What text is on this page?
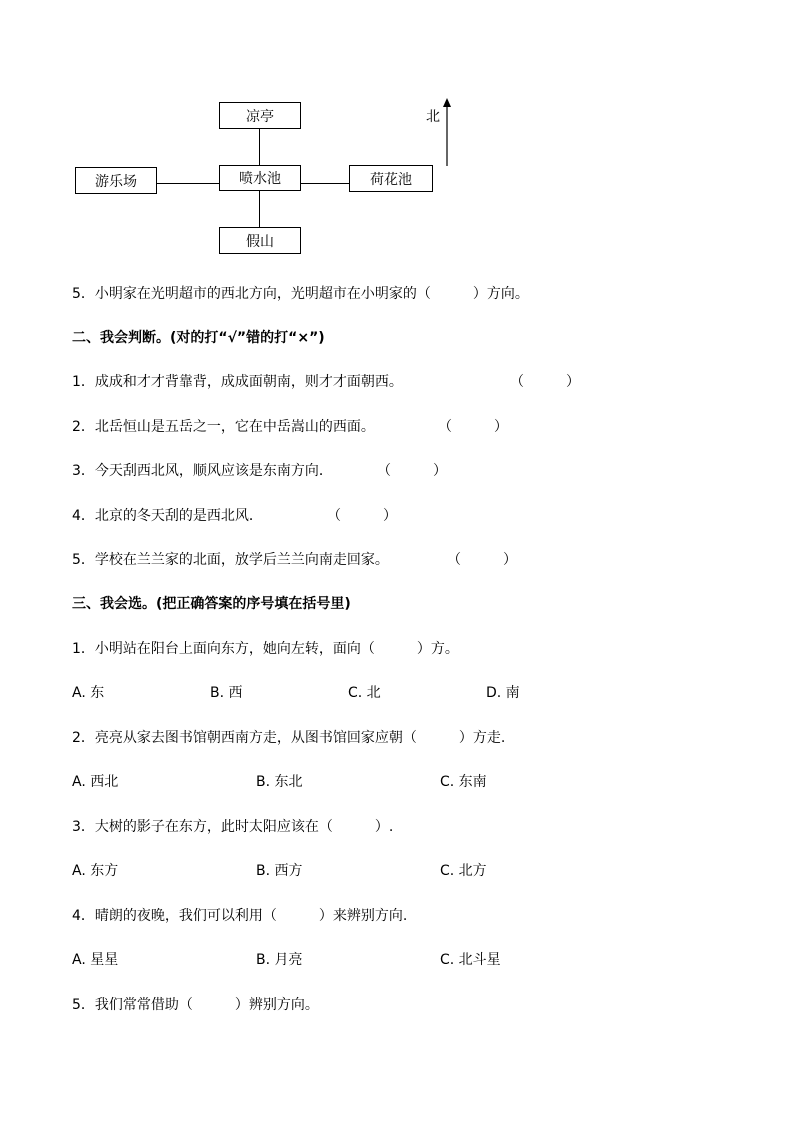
凉亭
喷水池
游乐场	荷花池
假山
北
5．小明家在光明超市的西北方向，光明超市在小明家的（　　　）方向。
二、我会判断。(对的打“√”错的打“×”)
1．成成和才才背靠背，成成面朝南，则才才面朝西。	（　　　）
2．北岳恒山是五岳之一，它在中岳嵩山的西面。	（　　　）
3．今天刮西北风，顺风应该是东南方向．	（　　　）
4．北京的冬天刮的是西北风．	（　　　）
5．学校在兰兰家的北面，放学后兰兰向南走回家。	（　　　）
三、我会选。(把正确答案的序号填在括号里)
1．小明站在阳台上面向东方，她向左转，面向（　　　）方。
A. 东	B. 西	C. 北	D. 南
2．亮亮从家去图书馆朝西南方走，从图书馆回家应朝（　　　）方走.
A. 西北	B. 东北	C. 东南
3．大树的影子在东方，此时太阳应该在（　　　）.
A. 东方	B. 西方	C. 北方
4．晴朗的夜晚，我们可以利用（　　　）来辨别方向.
A. 星星	B. 月亮	C. 北斗星
5．我们常常借助（　　　）辨别方向。
